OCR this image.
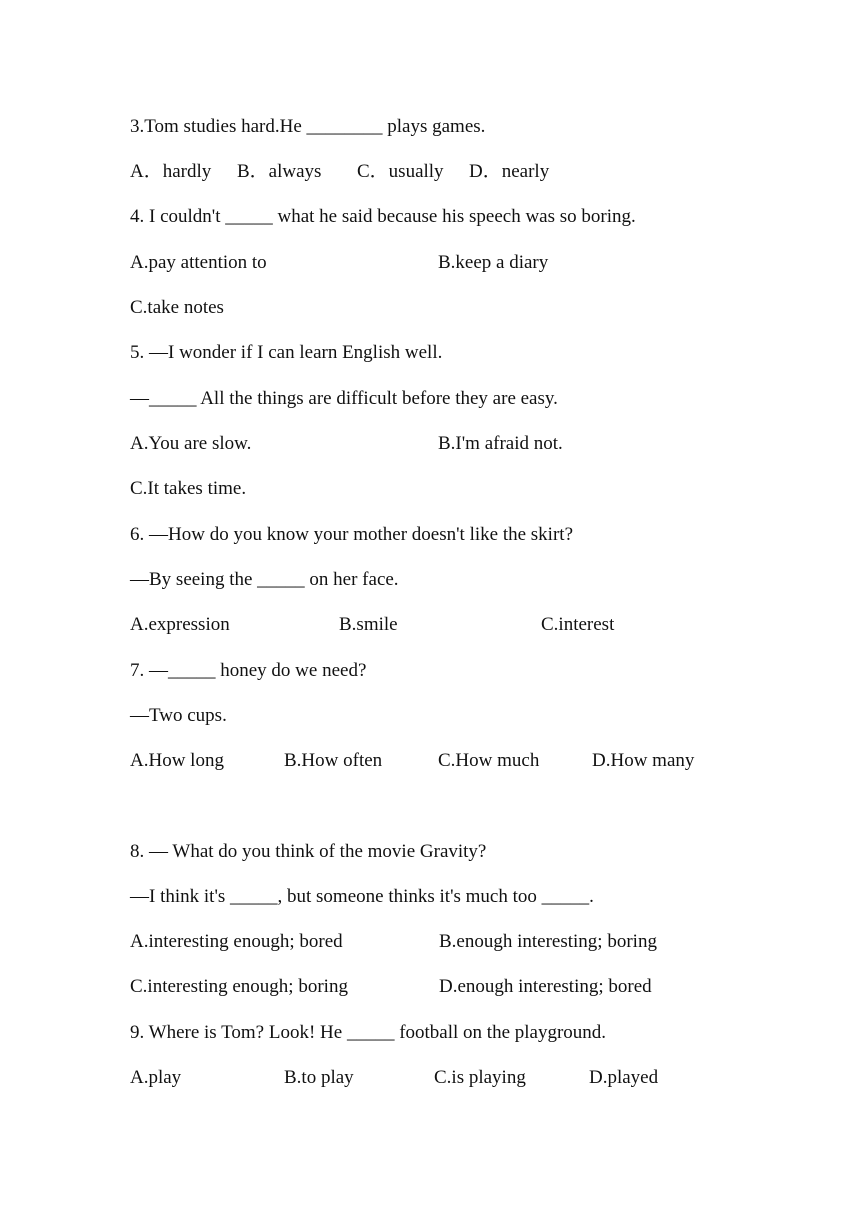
3.Tom studies hard.He ________ plays games.

A．hardly

B．always

C．usually

D．nearly

4. I couldn't _____ what he said because his speech was so boring.

A.pay attention to

	B.keep a diary

C.take notes

5. —I wonder if I can learn English well.
—_____ All the things are difficult before they are easy.

A.You are slow.

	B.I'm afraid not.

C.It takes time.

6. —How do you know your mother doesn't like the skirt?
—By seeing the _____ on her face.

A.expression

	B.smile

	C.interest

7. —_____ honey do we need?
—Two cups.

A.How long

	B.How often

	C.How much

	D.How many

8. — What do you think of the movie Gravity?
—I think it's _____, but someone thinks it's much too _____.

A.interesting enough; bored

	B.enough interesting; boring

C.interesting enough; boring

	D.enough interesting; bored

9. Where is Tom? Look! He _____ football on the playground.

A.play

	B.to play

	C.is playing

	D.played
